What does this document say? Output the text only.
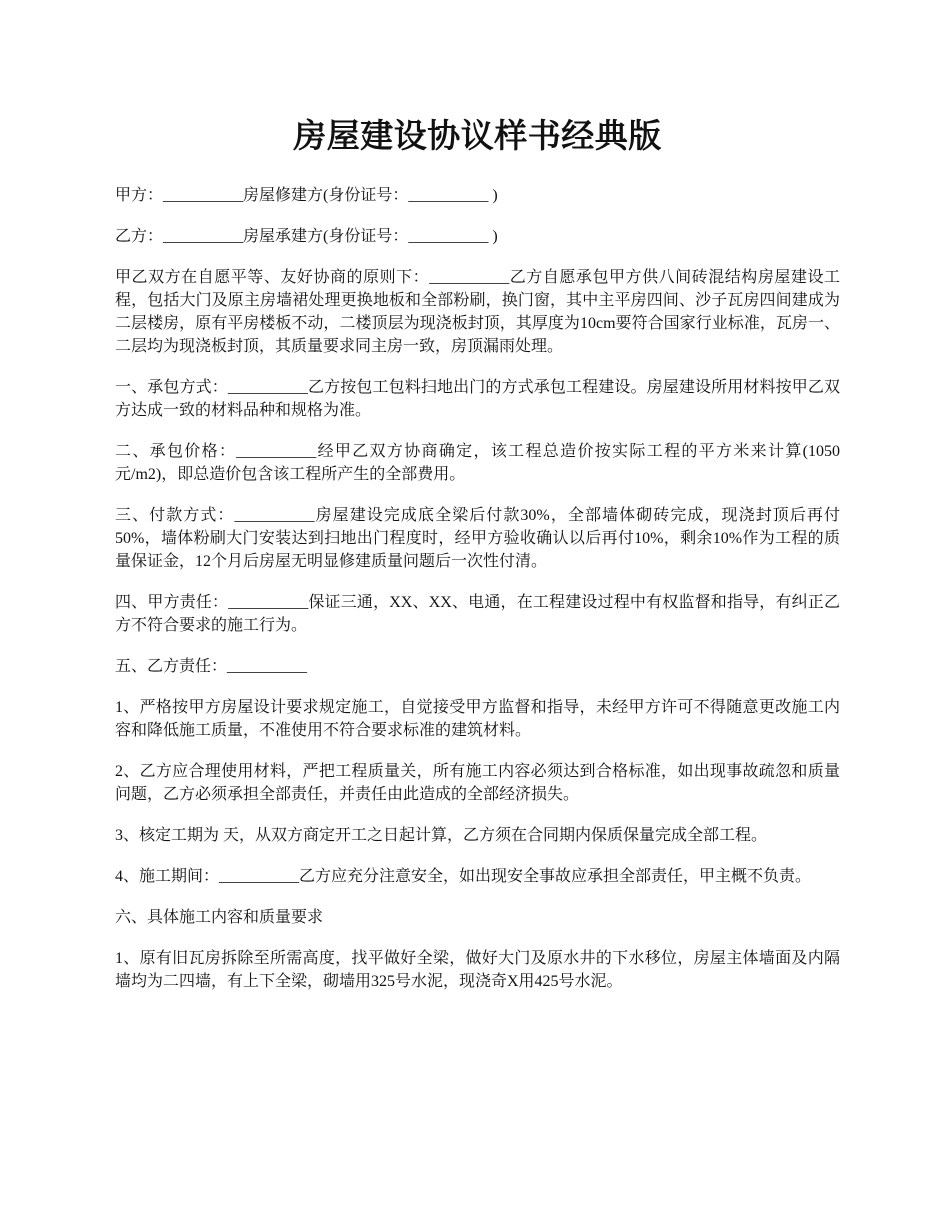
房屋建设协议样书经典版

甲方：__________房屋修建方(身份证号：__________ )

乙方：__________房屋承建方(身份证号：__________ )

甲乙双方在自愿平等、友好协商的原则下：__________乙方自愿承包甲方供八间砖混结构房屋建设工程，包括大门及原主房墙裙处理更换地板和全部粉刷，换门窗，其中主平房四间、沙子瓦房四间建成为二层楼房，原有平房楼板不动，二楼顶层为现浇板封顶，其厚度为10cm要符合国家行业标准，瓦房一、二层均为现浇板封顶，其质量要求同主房一致，房顶漏雨处理。

一、承包方式：__________乙方按包工包料扫地出门的方式承包工程建设。房屋建设所用材料按甲乙双方达成一致的材料品种和规格为准。

二、承包价格：__________经甲乙双方协商确定，该工程总造价按实际工程的平方米来计算(1050元/m2)，即总造价包含该工程所产生的全部费用。

三、付款方式：__________房屋建设完成底全梁后付款30%，全部墙体砌砖完成，现浇封顶后再付50%，墙体粉刷大门安装达到扫地出门程度时，经甲方验收确认以后再付10%，剩余10%作为工程的质量保证金，12个月后房屋无明显修建质量问题后一次性付清。

四、甲方责任：__________保证三通，XX、XX、电通，在工程建设过程中有权监督和指导，有纠正乙方不符合要求的施工行为。

五、乙方责任：__________

1、严格按甲方房屋设计要求规定施工，自觉接受甲方监督和指导，未经甲方许可不得随意更改施工内容和降低施工质量，不准使用不符合要求标准的建筑材料。

2、乙方应合理使用材料，严把工程质量关，所有施工内容必须达到合格标准，如出现事故疏忽和质量问题，乙方必须承担全部责任，并责任由此造成的全部经济损失。

3、核定工期为 天，从双方商定开工之日起计算，乙方须在合同期内保质保量完成全部工程。

4、施工期间：__________乙方应充分注意安全，如出现安全事故应承担全部责任，甲主概不负责。

六、具体施工内容和质量要求

1、原有旧瓦房拆除至所需高度，找平做好全梁，做好大门及原水井的下水移位，房屋主体墙面及内隔墙均为二四墙，有上下全梁，砌墙用325号水泥，现浇奇X用425号水泥。
